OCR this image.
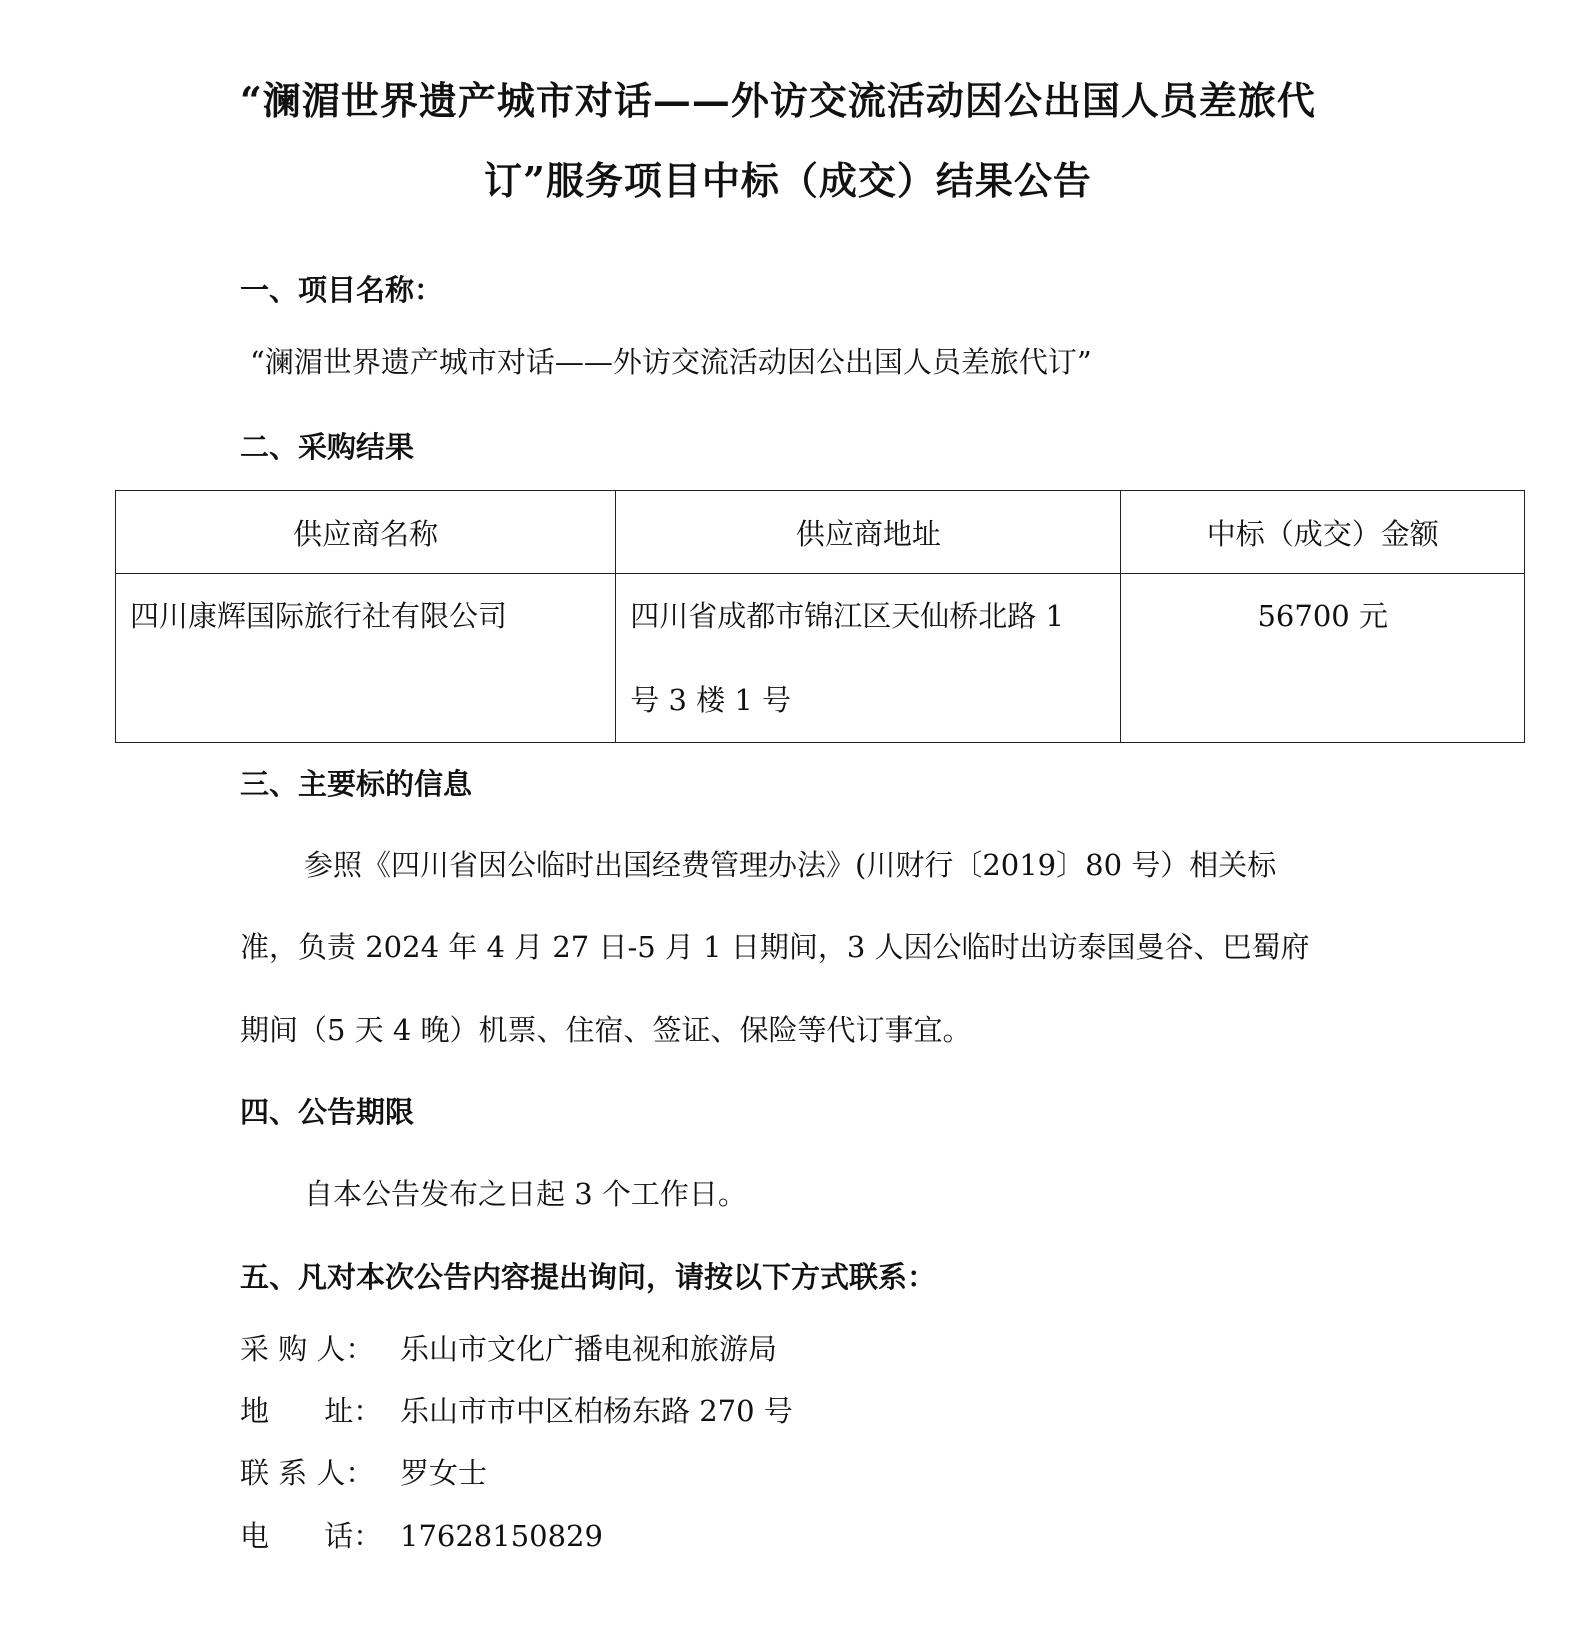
“澜湄世界遗产城市对话——外访交流活动因公出国人员差旅代
订”服务项目中标（成交）结果公告
一、项目名称：
“澜湄世界遗产城市对话——外访交流活动因公出国人员差旅代订”
二、采购结果
供应商名称	供应商地址	中标（成交）金额
四川康辉国际旅行社有限公司	四川省成都市锦江区天仙桥北路 1
号 3 楼 1 号	56700 元
三、主要标的信息
参照《四川省因公临时出国经费管理办法》(川财行〔2019〕80 号）相关标
准，负责 2024 年 4 月 27 日-5 月 1 日期间，3 人因公临时出访泰国曼谷、巴蜀府
期间（5 天 4 晚）机票、住宿、签证、保险等代订事宜。
四、公告期限
自本公告发布之日起 3 个工作日。
五、凡对本次公告内容提出询问，请按以下方式联系：
采 购 人： 乐山市文化广播电视和旅游局
地      址： 乐山市市中区柏杨东路 270 号
联 系 人： 罗女士
电      话： 17628150829
